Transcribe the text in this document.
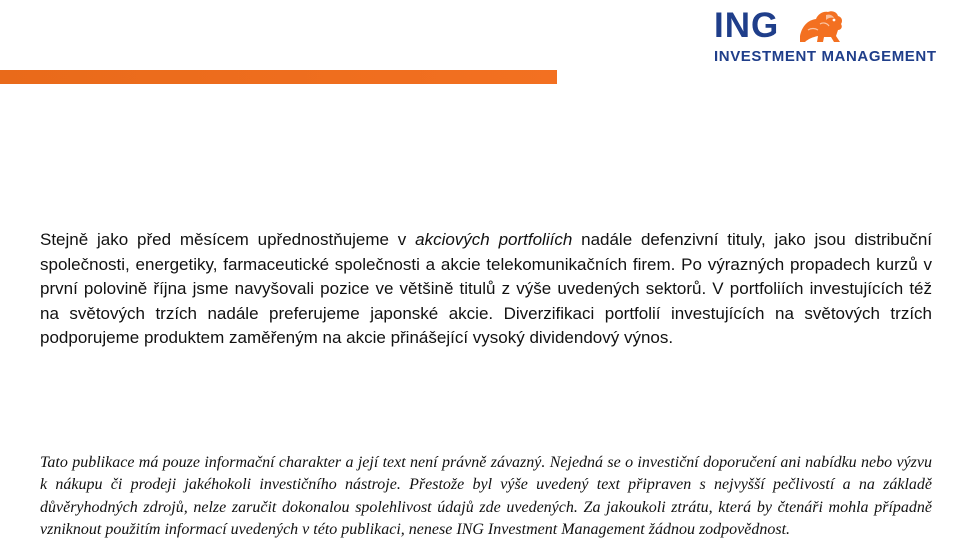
ING
INVESTMENT MANAGEMENT

Stejně jako před měsícem upřednostňujeme v akciových portfoliích nadále defenzivní tituly, jako jsou distribuční společnosti, energetiky, farmaceutické společnosti a akcie telekomunikačních firem. Po výrazných propadech kurzů v první polovině října jsme navyšovali pozice ve většině titulů z výše uvedených sektorů. V portfoliích investujících též na světových trzích nadále preferujeme japonské akcie. Diverzifikaci portfolií investujících na světových trzích podporujeme produktem zaměřeným na akcie přinášející vysoký dividendový výnos.

Tato publikace má pouze informační charakter a její text není právně závazný. Nejedná se o investiční doporučení ani nabídku nebo výzvu k nákupu či prodeji jakéhokoli investičního nástroje. Přestože byl výše uvedený text připraven s nejvyšší pečlivostí a na základě důvěryhodných zdrojů, nelze zaručit dokonalou spolehlivost údajů zde uvedených. Za jakoukoli ztrátu, která by čtenáři mohla případně vzniknout použitím informací uvedených v této publikaci, nenese ING Investment Management žádnou zodpovědnost.
